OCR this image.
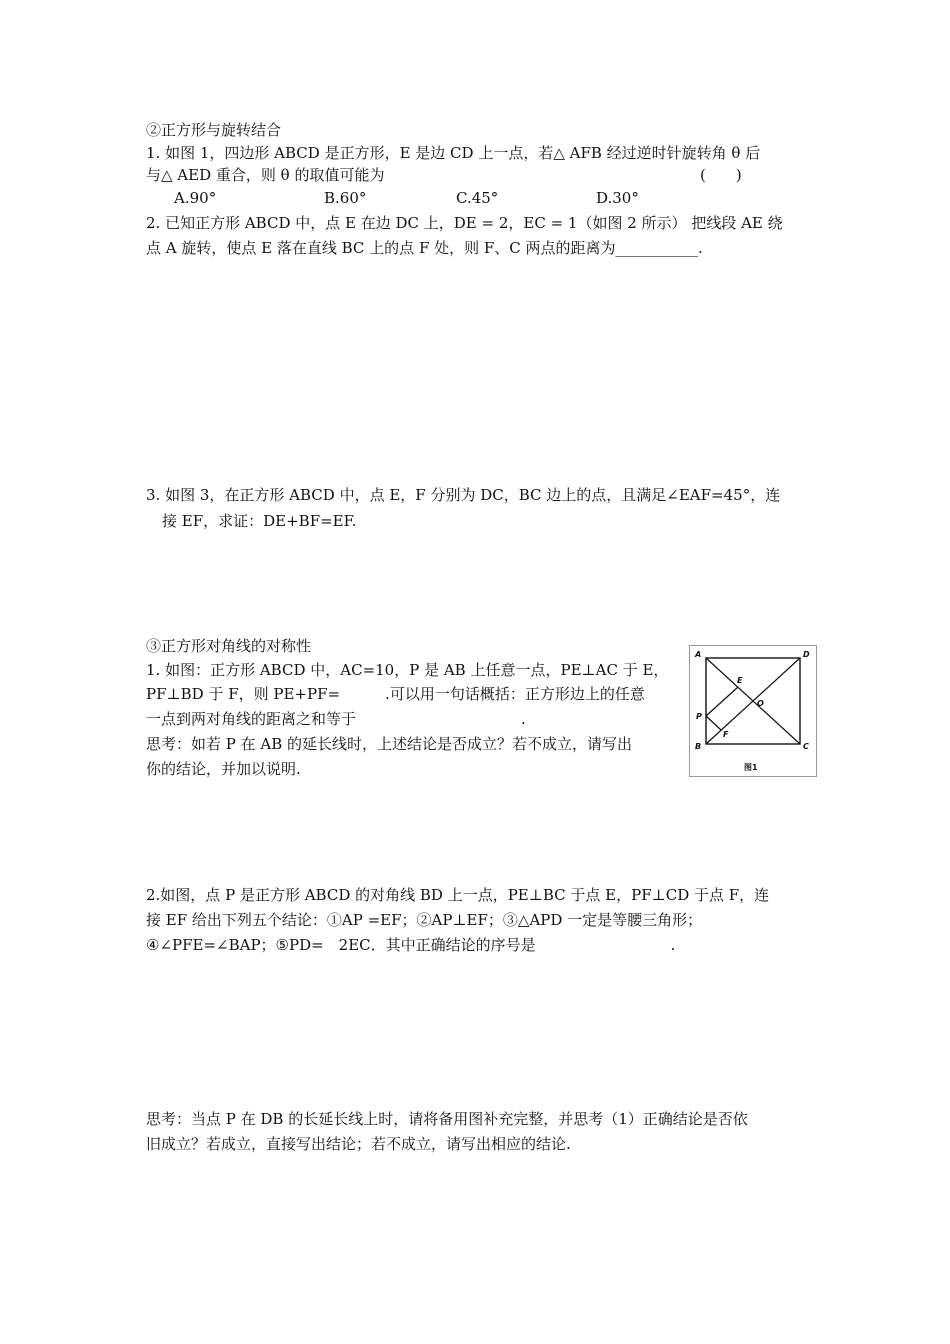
②正方形与旋转结合
1. 如图 1，四边形 ABCD 是正方形，E 是边 CD 上一点，若△ AFB 经过逆时针旋转角 θ 后
与△ AED 重合，则 θ 的取值可能为	(　　)
A.90°	B.60°	C.45°	D.30°
2. 已知正方形 ABCD 中，点 E 在边 DC 上，DE = 2，EC = 1（如图 2 所示） 把线段 AE 绕
点 A 旋转，使点 E 落在直线 BC 上的点 F 处，则 F、C 两点的距离为___________.
3. 如图 3，在正方形 ABCD 中，点 E，F 分别为 DC，BC 边上的点，且满足∠EAF=45°，连
接 EF，求证：DE+BF=EF.
③正方形对角线的对称性
1. 如图：正方形 ABCD 中，AC=10，P 是 AB 上任意一点，PE⊥AC 于 E，
PF⊥BD 于 F，则 PE+PF=　　　.可以用一句话概括：正方形边上的任意
一点到两对角线的距离之和等于　　　　　　　　　　　.
思考：如若 P 在 AB 的延长线时，上述结论是否成立？若不成立，请写出
你的结论，并加以说明.
A	D
B	C
E
O
P
F
图1
2.如图，点 P 是正方形 ABCD 的对角线 BD 上一点，PE⊥BC 于点 E，PF⊥CD 于点 F，连
接 EF 给出下列五个结论：①AP =EF；②AP⊥EF；③△APD 一定是等腰三角形；
④∠PFE=∠BAP；⑤PD=　2EC．其中正确结论的序号是　　　　　　　　　.
思考：当点 P 在 DB 的长延长线上时，请将备用图补充完整，并思考（1）正确结论是否依
旧成立？若成立，直接写出结论；若不成立，请写出相应的结论.
